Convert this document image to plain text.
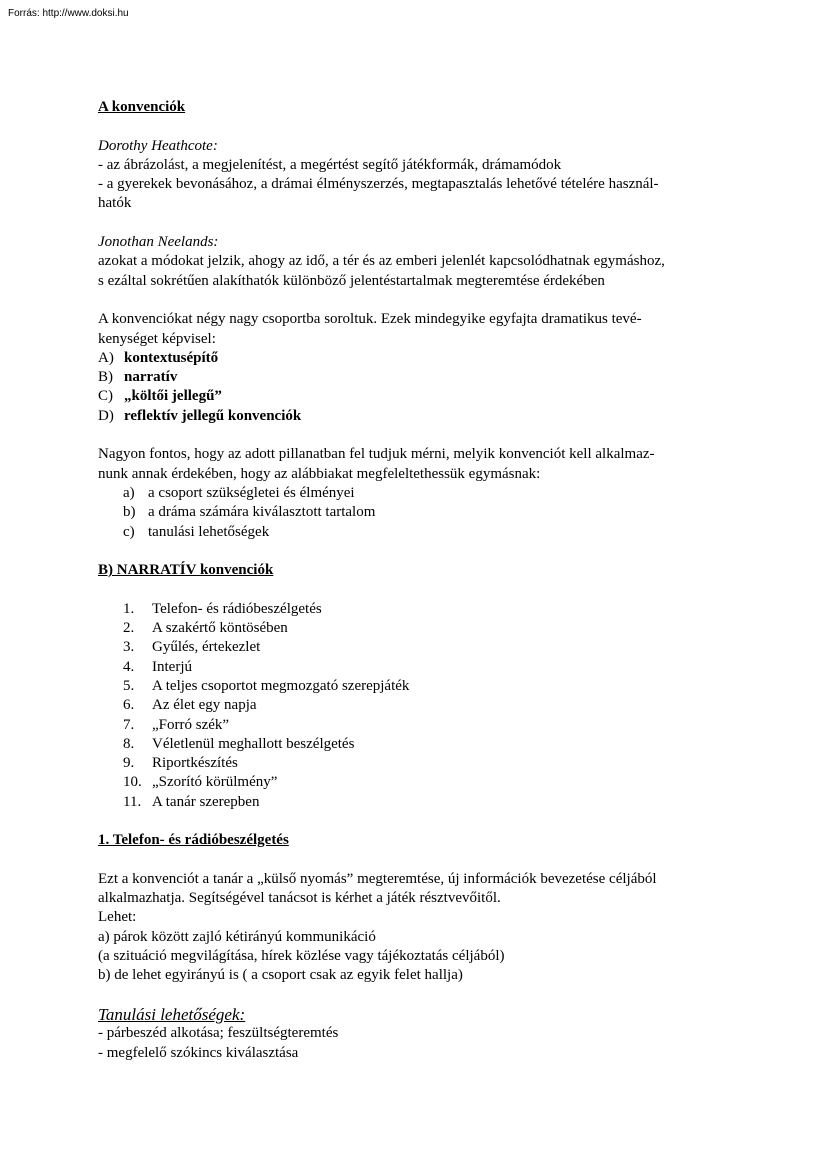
Forrás: http://www.doksi.hu
A konvenciók

Dorothy Heathcote:

- az ábrázolást, a megjelenítést, a megértést segítő játékformák, drámamódok

- a gyerekek bevonásához, a drámai élményszerzés, megtapasztalás lehetővé tételére használ-

hatók

Jonothan Neelands:

azokat a módokat jelzik, ahogy az idő, a tér és az emberi jelenlét kapcsolódhatnak egymáshoz,

s ezáltal sokrétűen alakíthatók különböző jelentéstartalmak megteremtése érdekében

A konvenciókat négy nagy csoportba soroltuk. Ezek mindegyike egyfajta dramatikus tevé-

kenységet képvisel:

A) kontextusépítő
B) narratív
C) „költői jellegű”
D) reflektív jellegű konvenciók

Nagyon fontos, hogy az adott pillanatban fel tudjuk mérni, melyik konvenciót kell alkalmaz-

nunk annak érdekében, hogy az alábbiakat megfeleltethessük egymásnak:

a) a csoport szükségletei és élményei
b) a dráma számára kiválasztott tartalom
c) tanulási lehetőségek
B) NARRATÍV konvenciók
1.	Telefon- és rádióbeszélgetés
2.	A szakértő köntösében
3.	Gyűlés, értekezlet
4.	Interjú
5.	A teljes csoportot megmozgató szerepjáték
6.	Az élet egy napja
7.	„Forró szék”
8.	Véletlenül meghallott beszélgetés
9.	Riportkészítés
10. „Szorító körülmény”
11. A tanár szerepben
1. Telefon- és rádióbeszélgetés

Ezt a konvenciót a tanár a „külső nyomás” megteremtése, új információk bevezetése céljából

alkalmazhatja. Segítségével tanácsot is kérhet a játék résztvevőitől.

Lehet:

a) párok között zajló kétirányú kommunikáció

(a szituáció megvilágítása, hírek közlése vagy tájékoztatás céljából)

b) de lehet egyirányú is ( a csoport csak az egyik felet hallja)

Tanulási lehetőségek:

- párbeszéd alkotása; feszültségteremtés

- megfelelő szókincs kiválasztása
